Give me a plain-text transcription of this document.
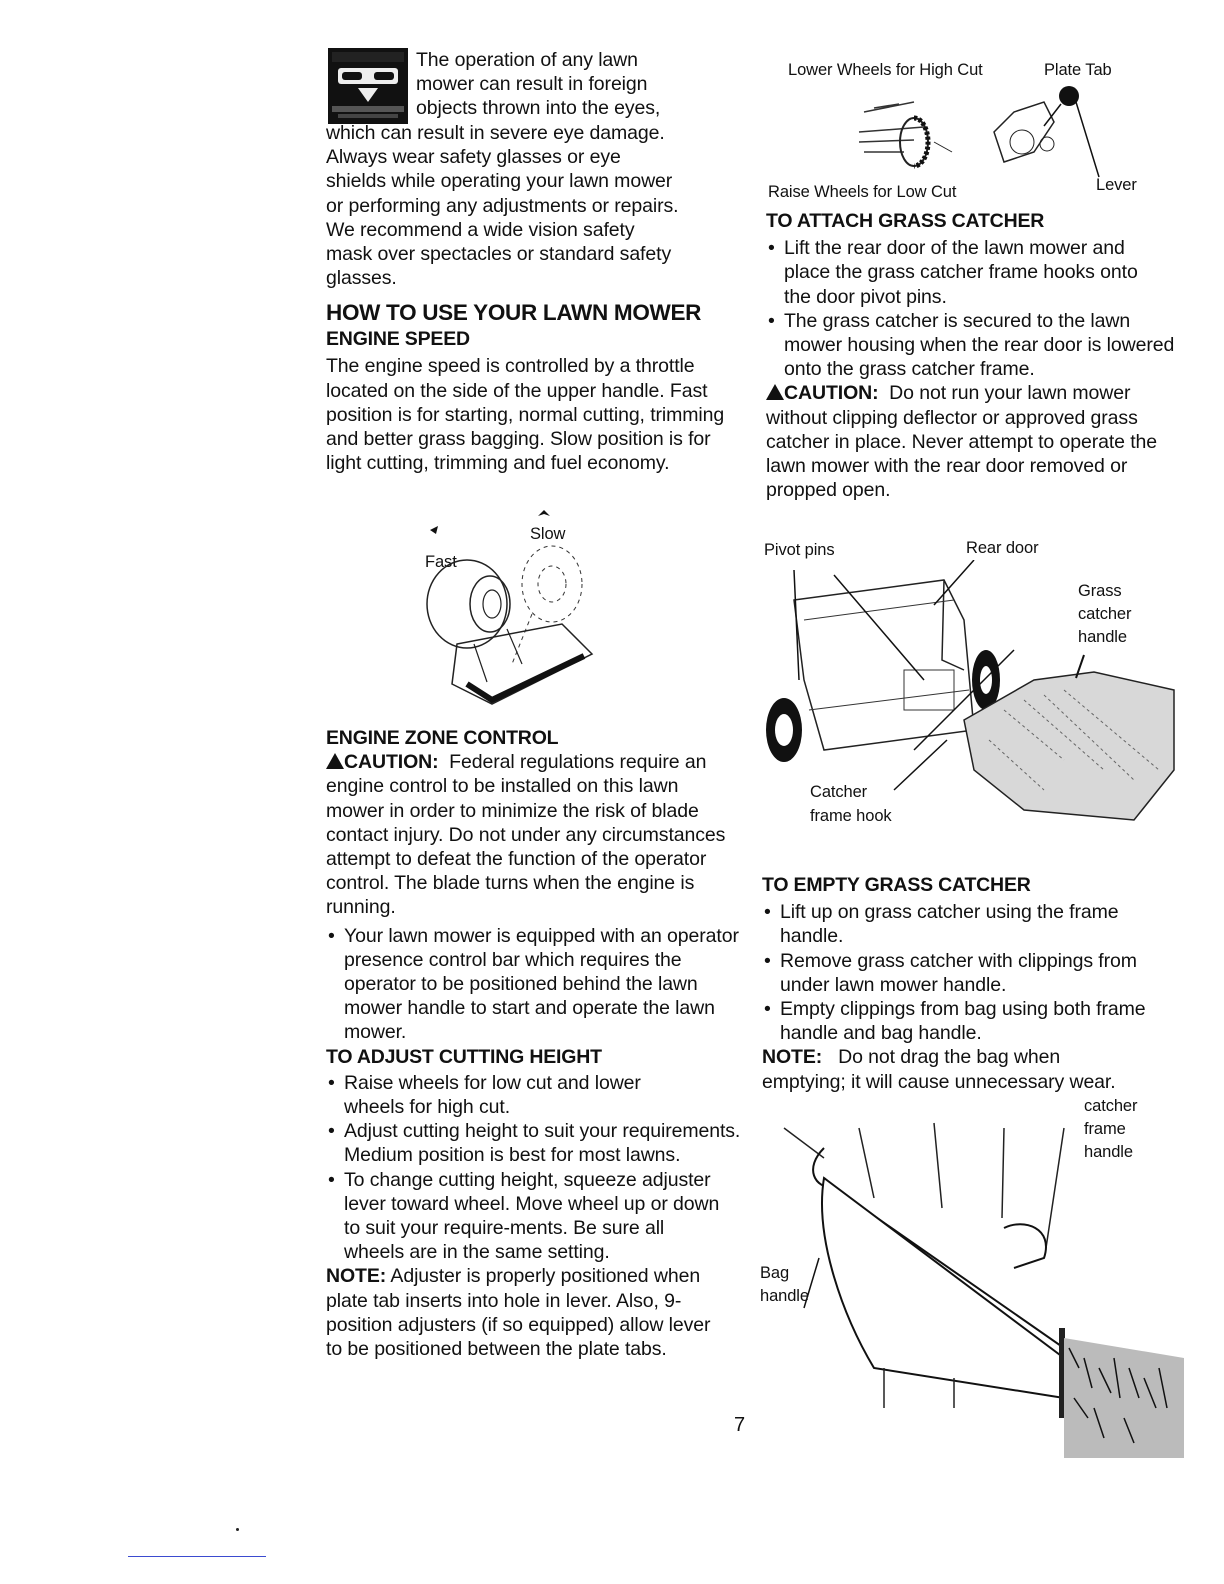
The operation of any lawn

mower can result in foreign

objects thrown into the eyes,

which can result in severe eye damage.

Always wear safety glasses or eye

shields while operating your lawn mower

or performing any adjustments or repairs.

We recommend a wide vision safety

mask over spectacles or standard safety

glasses.

HOW TO USE YOUR LAWN MOWER

ENGINE SPEED

The engine speed is controlled by a throttle located on the side of the upper handle. Fast position is for starting, normal cutting, trimming and better grass bagging. Slow position is for light cutting, trimming and fuel economy.

Slow
Fast

ENGINE ZONE CONTROL

CAUTION: Federal regulations require an engine control to be installed on this lawn mower in order to minimize the risk of blade contact injury. Do not under any circumstances attempt to defeat the function of the operator control. The blade turns when the engine is running.

• Your lawn mower is equipped with an operator presence control bar which requires the operator to be positioned behind the lawn mower handle to start and operate the lawn mower.

TO ADJUST CUTTING HEIGHT

• Raise wheels for low cut and lower wheels for high cut.
• Adjust cutting height to suit your requirements. Medium position is best for most lawns.
• To change cutting height, squeeze adjuster lever toward wheel. Move wheel up or down to suit your require-ments. Be sure all wheels are in the same setting.

NOTE: Adjuster is properly positioned when plate tab inserts into hole in lever. Also, 9-position adjusters (if so equipped) allow lever to be positioned between the plate tabs.

7
Lower Wheels for High Cut	Plate Tab
Raise Wheels for Low Cut	Lever

TO ATTACH GRASS CATCHER

• Lift the rear door of the lawn mower and place the grass catcher frame hooks onto the door pivot pins.
• The grass catcher is secured to the lawn mower housing when the rear door is lowered onto the grass catcher frame.

CAUTION: Do not run your lawn mower without clipping deflector or approved grass catcher in place. Never attempt to operate the lawn mower with the rear door removed or propped open.

Pivot pins	Rear door
Grass
catcher
handle
Catcher
frame hook

TO EMPTY GRASS CATCHER

• Lift up on grass catcher using the frame handle.
• Remove grass catcher with clippings from under lawn mower handle.
• Empty clippings from bag using both frame handle and bag handle.

NOTE: Do not drag the bag when

emptying; it will cause unnecessary wear.

catcher
frame
handle
Bag
handle
